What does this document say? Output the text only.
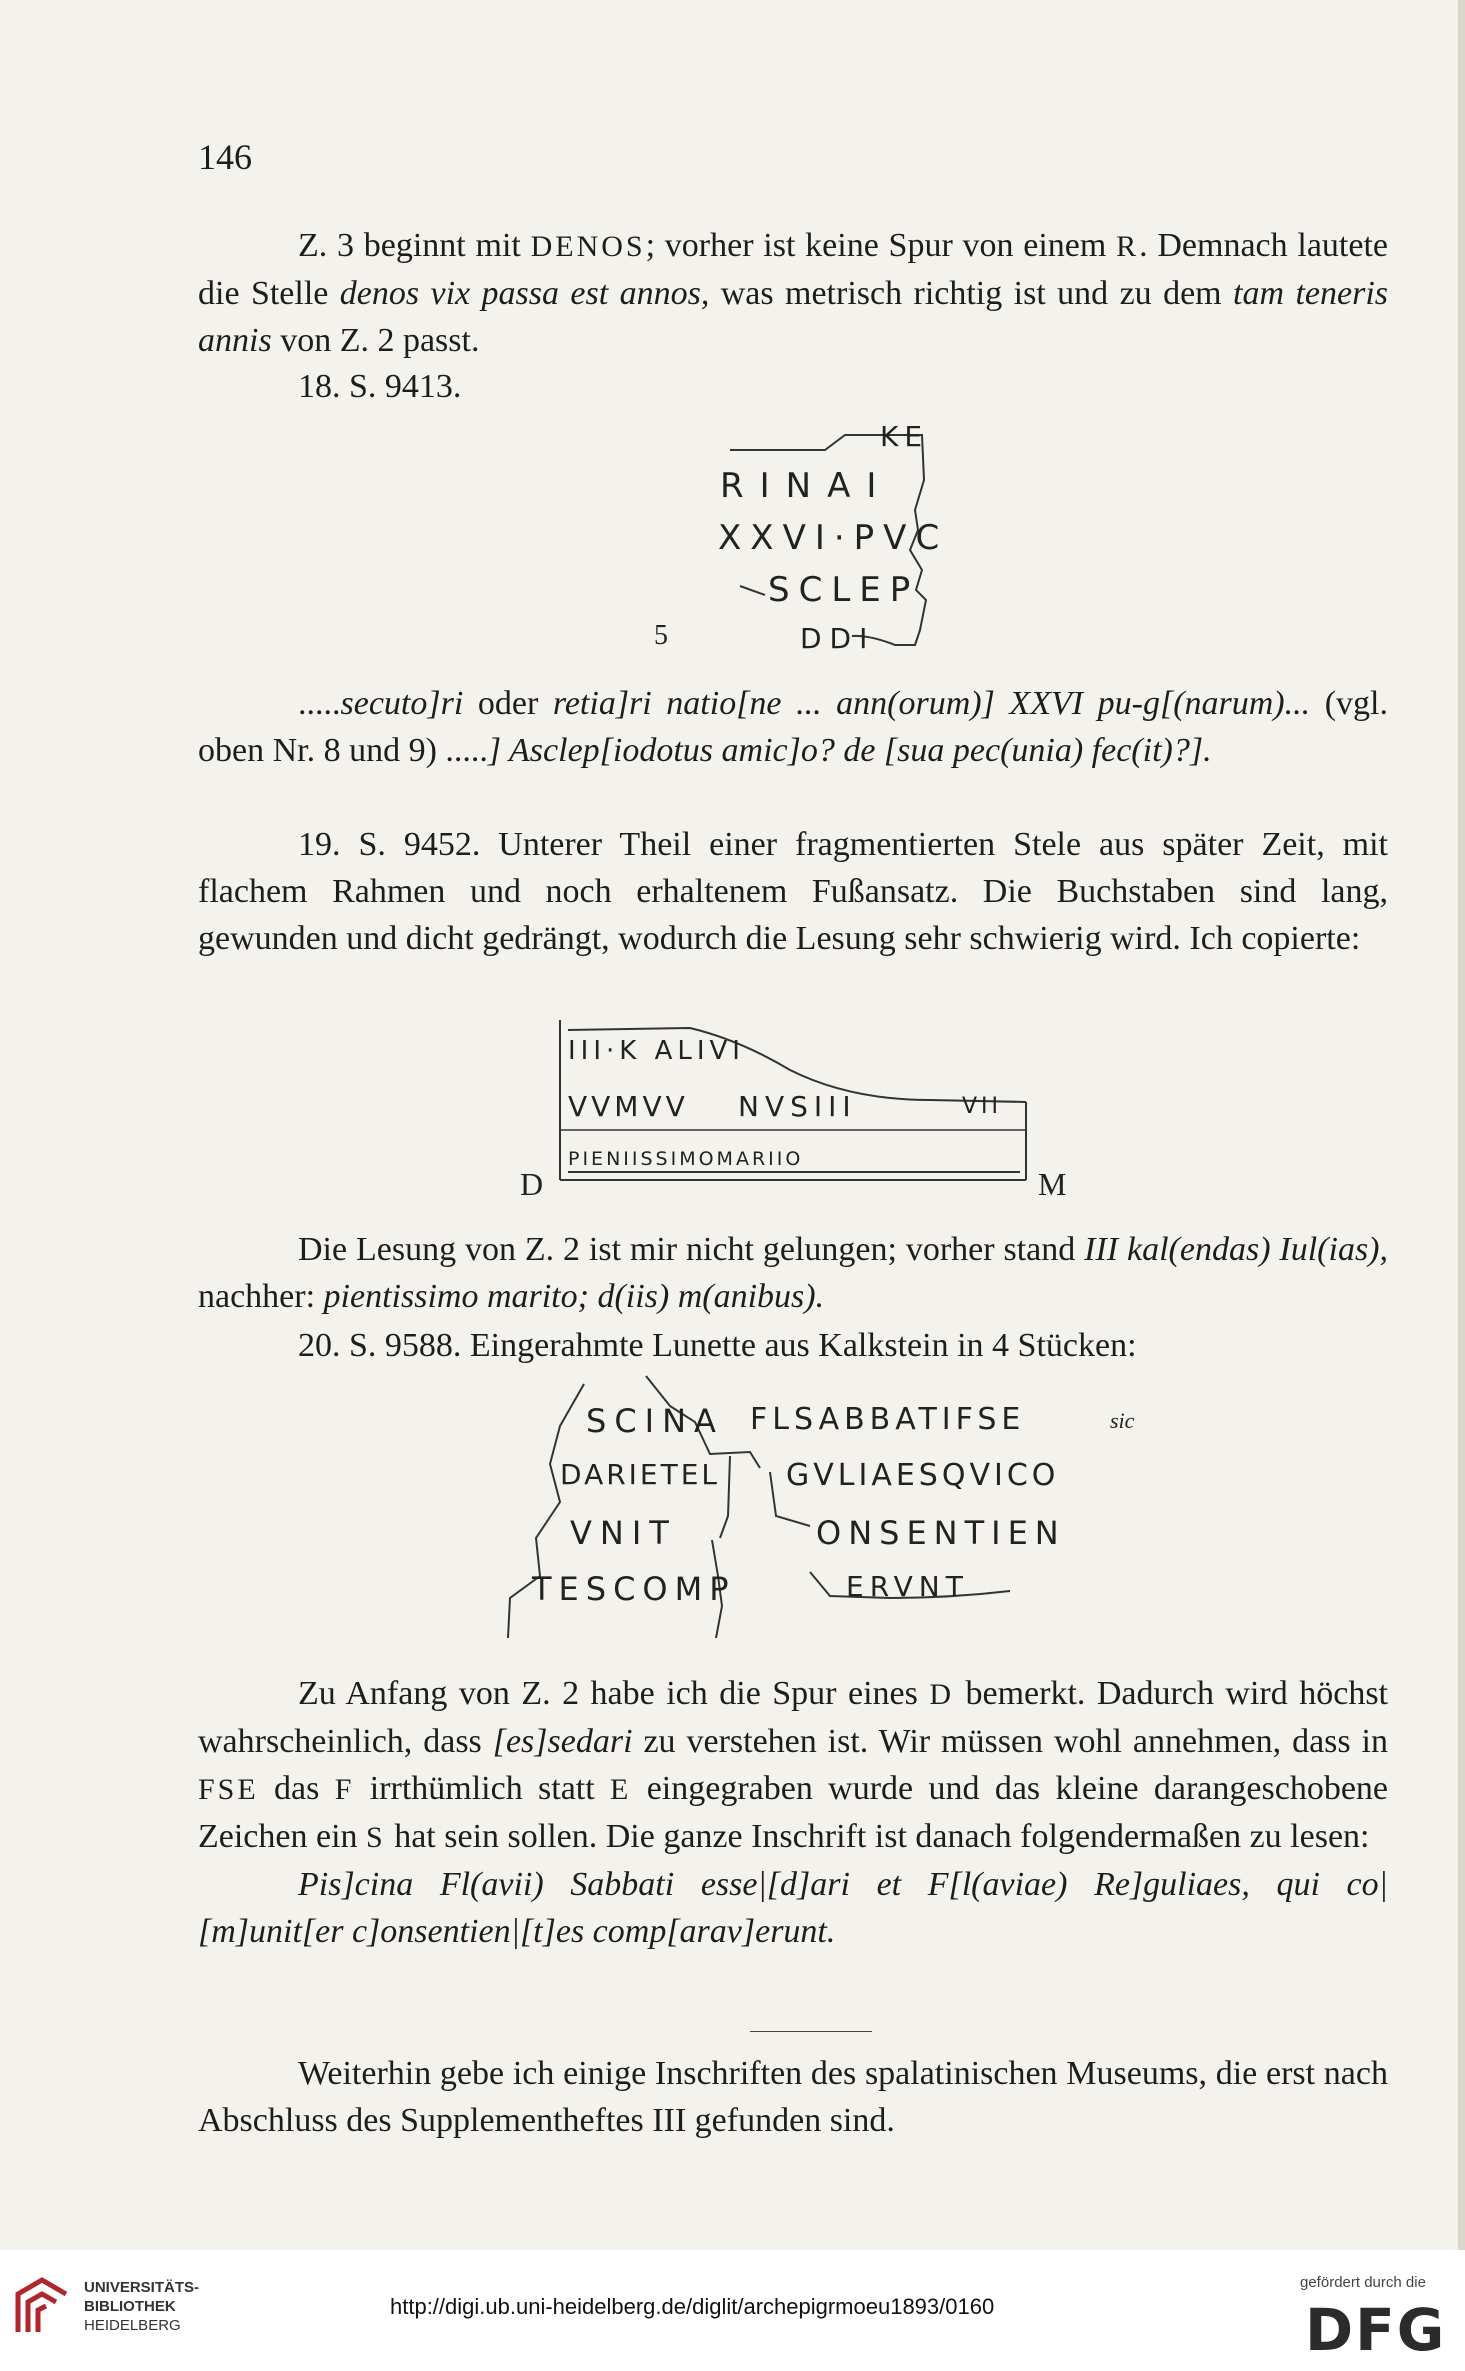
146

Z. 3 beginnt mit DENOS; vorher ist keine Spur von einem R. Demnach lautete die Stelle denos vix passa est annos, was metrisch richtig ist und zu dem tam teneris annis von Z. 2 passt.

18. S. 9413.

KE
RINAI
XXVI·PVC
SCLEP
DDI
5

.....secuto]ri oder retia]ri natio[ne ... ann(orum)] XXVI pu-g[(narum)... (vgl. oben Nr. 8 und 9) .....] Asclep[iodotus amic]o? de [sua pec(unia) fec(it)?].

19. S. 9452. Unterer Theil einer fragmentierten Stele aus später Zeit, mit flachem Rahmen und noch erhaltenem Fußansatz. Die Buchstaben sind lang, gewunden und dicht gedrängt, wodurch die Lesung sehr schwierig wird. Ich copierte:

III·K ALIVI
VVMVV NVSIII	VII
PIENIISSIMOMARIIO
D	M

Die Lesung von Z. 2 ist mir nicht gelungen; vorher stand III kal(endas) Iul(ias), nachher: pientissimo marito; d(iis) m(anibus).

20. S. 9588. Eingerahmte Lunette aus Kalkstein in 4 Stücken:

SCINA FLSABBATIFSE	sic
DARIETEL GVLIAESQVICO
VNIT	ONSENTIEN
TESCOMP	ERVNT

Zu Anfang von Z. 2 habe ich die Spur eines D bemerkt. Dadurch wird höchst wahrscheinlich, dass [es]sedari zu verstehen ist. Wir müssen wohl annehmen, dass in FSE das F irrthümlich statt E eingegraben wurde und das kleine darangeschobene Zeichen ein S hat sein sollen. Die ganze Inschrift ist danach folgendermaßen zu lesen:

Pis]cina Fl(avii) Sabbati esse|[d]ari et F[l(aviae) Re]guliaes, qui co|[m]unit[er c]onsentien|[t]es comp[arav]erunt.

Weiterhin gebe ich einige Inschriften des spalatinischen Museums, die erst nach Abschluss des Supplementheftes III gefunden sind.

UNIVERSITÄTS-
BIBLIOTHEK
HEIDELBERG
http://digi.ub.uni-heidelberg.de/diglit/archepigrmoeu1893/0160
gefördert durch die
DFG
